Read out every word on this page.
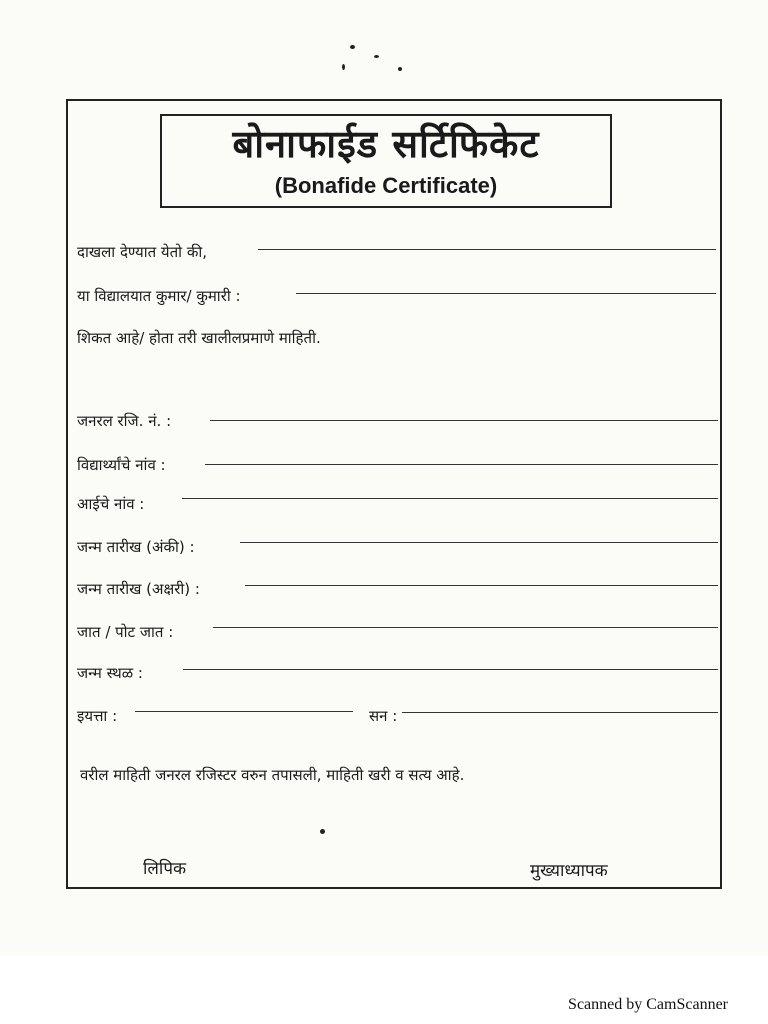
बोनाफाईड सर्टिफिकेट
(Bonafide Certificate)
दाखला देण्यात येतो की,
या विद्यालयात कुमार/ कुमारी :
शिकत आहे/ होता तरी खालीलप्रमाणे माहिती.
जनरल रजि. नं. :
विद्यार्थ्यांचे नांव :
आईचे नांव :
जन्म तारीख (अंकी) :
जन्म तारीख (अक्षरी) :
जात / पोट जात :
जन्म स्थळ :
इयत्ता :	सन :
वरील माहिती जनरल रजिस्टर वरुन तपासली, माहिती खरी व सत्य आहे.
लिपिक	मुख्याध्यापक
Scanned by CamScanner
